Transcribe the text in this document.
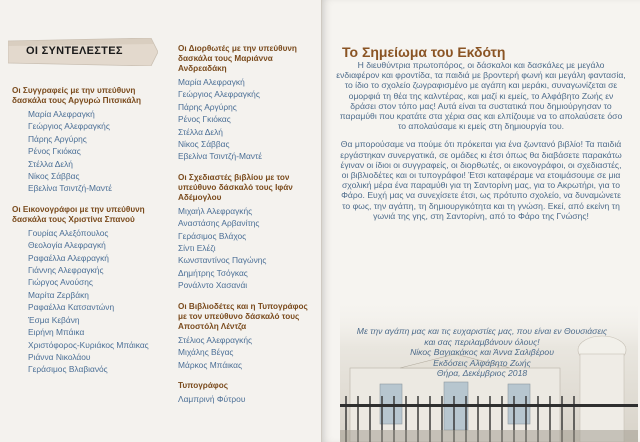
ΟΙ ΣΥΝΤΕΛΕΣΤΕΣ
Οι Συγγραφείς με την υπεύθυνη δασκάλα τους Αργυρώ Πιτσικάλη
Μαρία Αλεφραγκή
Γεώργιος Αλεφραγκής
Πάρης Αργύρης
Ρένος Γκιόκας
Στέλλα Δελή
Νίκος Σάββας
Εβελίνα Τσιντζή-Μαντέ
Οι Εικονογράφοι με την υπεύθυνη δασκάλα τους Χριστίνα Σπανού
Γουρίας Αλεξόπουλος
Θεολογία Αλεφραγκή
Ραφαέλλα Αλεφραγκή
Γιάννης Αλεφραγκής
Γιώργος Ανούσης
Μαρίτα Ζερβάκη
Ραφαέλλα Κατσαντώνη
Έσμα Κεβάνη
Ειρήνη Μπάικα
Χριστόφορος-Κυριάκος Μπάικας
Ριάννα Νικολάου
Γεράσιμος Βλαβιανός
Οι Διορθωτές με την υπεύθυνη δασκάλα τους Μαριάννα Ανδρεαδάκη
Μαρία Αλεφραγκή
Γεώργιος Αλεφραγκής
Πάρης Αργύρης
Ρένος Γκιόκας
Στέλλα Δελή
Νίκος Σάββας
Εβελίνα Τσιντζή-Μαντέ
Οι Σχεδιαστές βιβλίου με τον υπεύθυνο δάσκαλό τους Ιφάν Αδέμογλου
Μιχαήλ Αλεφραγκής
Αναστάσης Αρβανίτης
Γεράσιμος Βλάχος
Σίντι Ελέζι
Κωνσταντίνος Παγώνης
Δημήτρης Τσόγκας
Ρονάλντο Χασανάι
Οι Βιβλιοδέτες και η Τυπογράφος με τον υπεύθυνο δάσκαλό τους Αποστόλη Λέντζα
Στέλιος Αλεφραγκής
Μιχάλης Βέγας
Μάρκος Μπάικας
Τυπογράφος
Λαμπρινή Φύτρου
Το Σημείωμα του Εκδότη

Η διευθύντρια πρωτοπόρος, οι δάσκαλοι και δασκάλες με μεγάλο ενδιαφέρον και φροντίδα, τα παιδιά με βροντερή φωνή και μεγάλη φαντασία, το ίδιο το σχολείο ζωγραφισμένο με αγάπη και μεράκι, συναγωνίζεται σε ομορφιά τη θέα της καλντέρας, και μαζί κι εμείς, το Αλφάβητο Ζωής εν δράσει στον τόπο μας! Αυτά είναι τα συστατικά που δημιούργησαν το παραμύθι που κρατάτε στα χέρια σας και ελπίζουμε να το απολαύσετε όσο το απολαύσαμε κι εμείς στη δημιουργία του.

Θα μπορούσαμε να πούμε ότι πρόκειται για ένα ζωντανό βιβλίο! Τα παιδιά εργάστηκαν συνεργατικά, σε ομάδες κι έτσι όπως θα διαβάσετε παρακάτω έγιναν οι ίδιοι οι συγγραφείς, οι διορθωτές, οι εικονογράφοι, οι σχεδιαστές, οι βιβλιοδέτες και οι τυπογράφοι! Έτσι καταφέραμε να ετοιμάσουμε σε μια σχολική μέρα ένα παραμύθι για τη Σαντορίνη μας, για το Ακρωτήρι, για το Φάρο. Ευχή μας να συνεχίσετε έτσι, ως πρότυπο σχολείο, να δυναμώνετε το φως, την αγάπη, τη δημιουργικότητα και τη γνώση. Εκεί, από εκείνη τη γωνιά της γης, στη Σαντορίνη, από το Φάρο της Γνώσης!

Με την αγάπη μας και τις ευχαριστίες μας, που είναι εν Θουσιάσεις και σας περιλαμβάνουν όλους!
Νίκος Βαγιακάκος και Άννα Σαλιβέρου
Εκδόσεις Αλφάβητο Ζωής
Θήρα, Δεκέμβριος 2018
